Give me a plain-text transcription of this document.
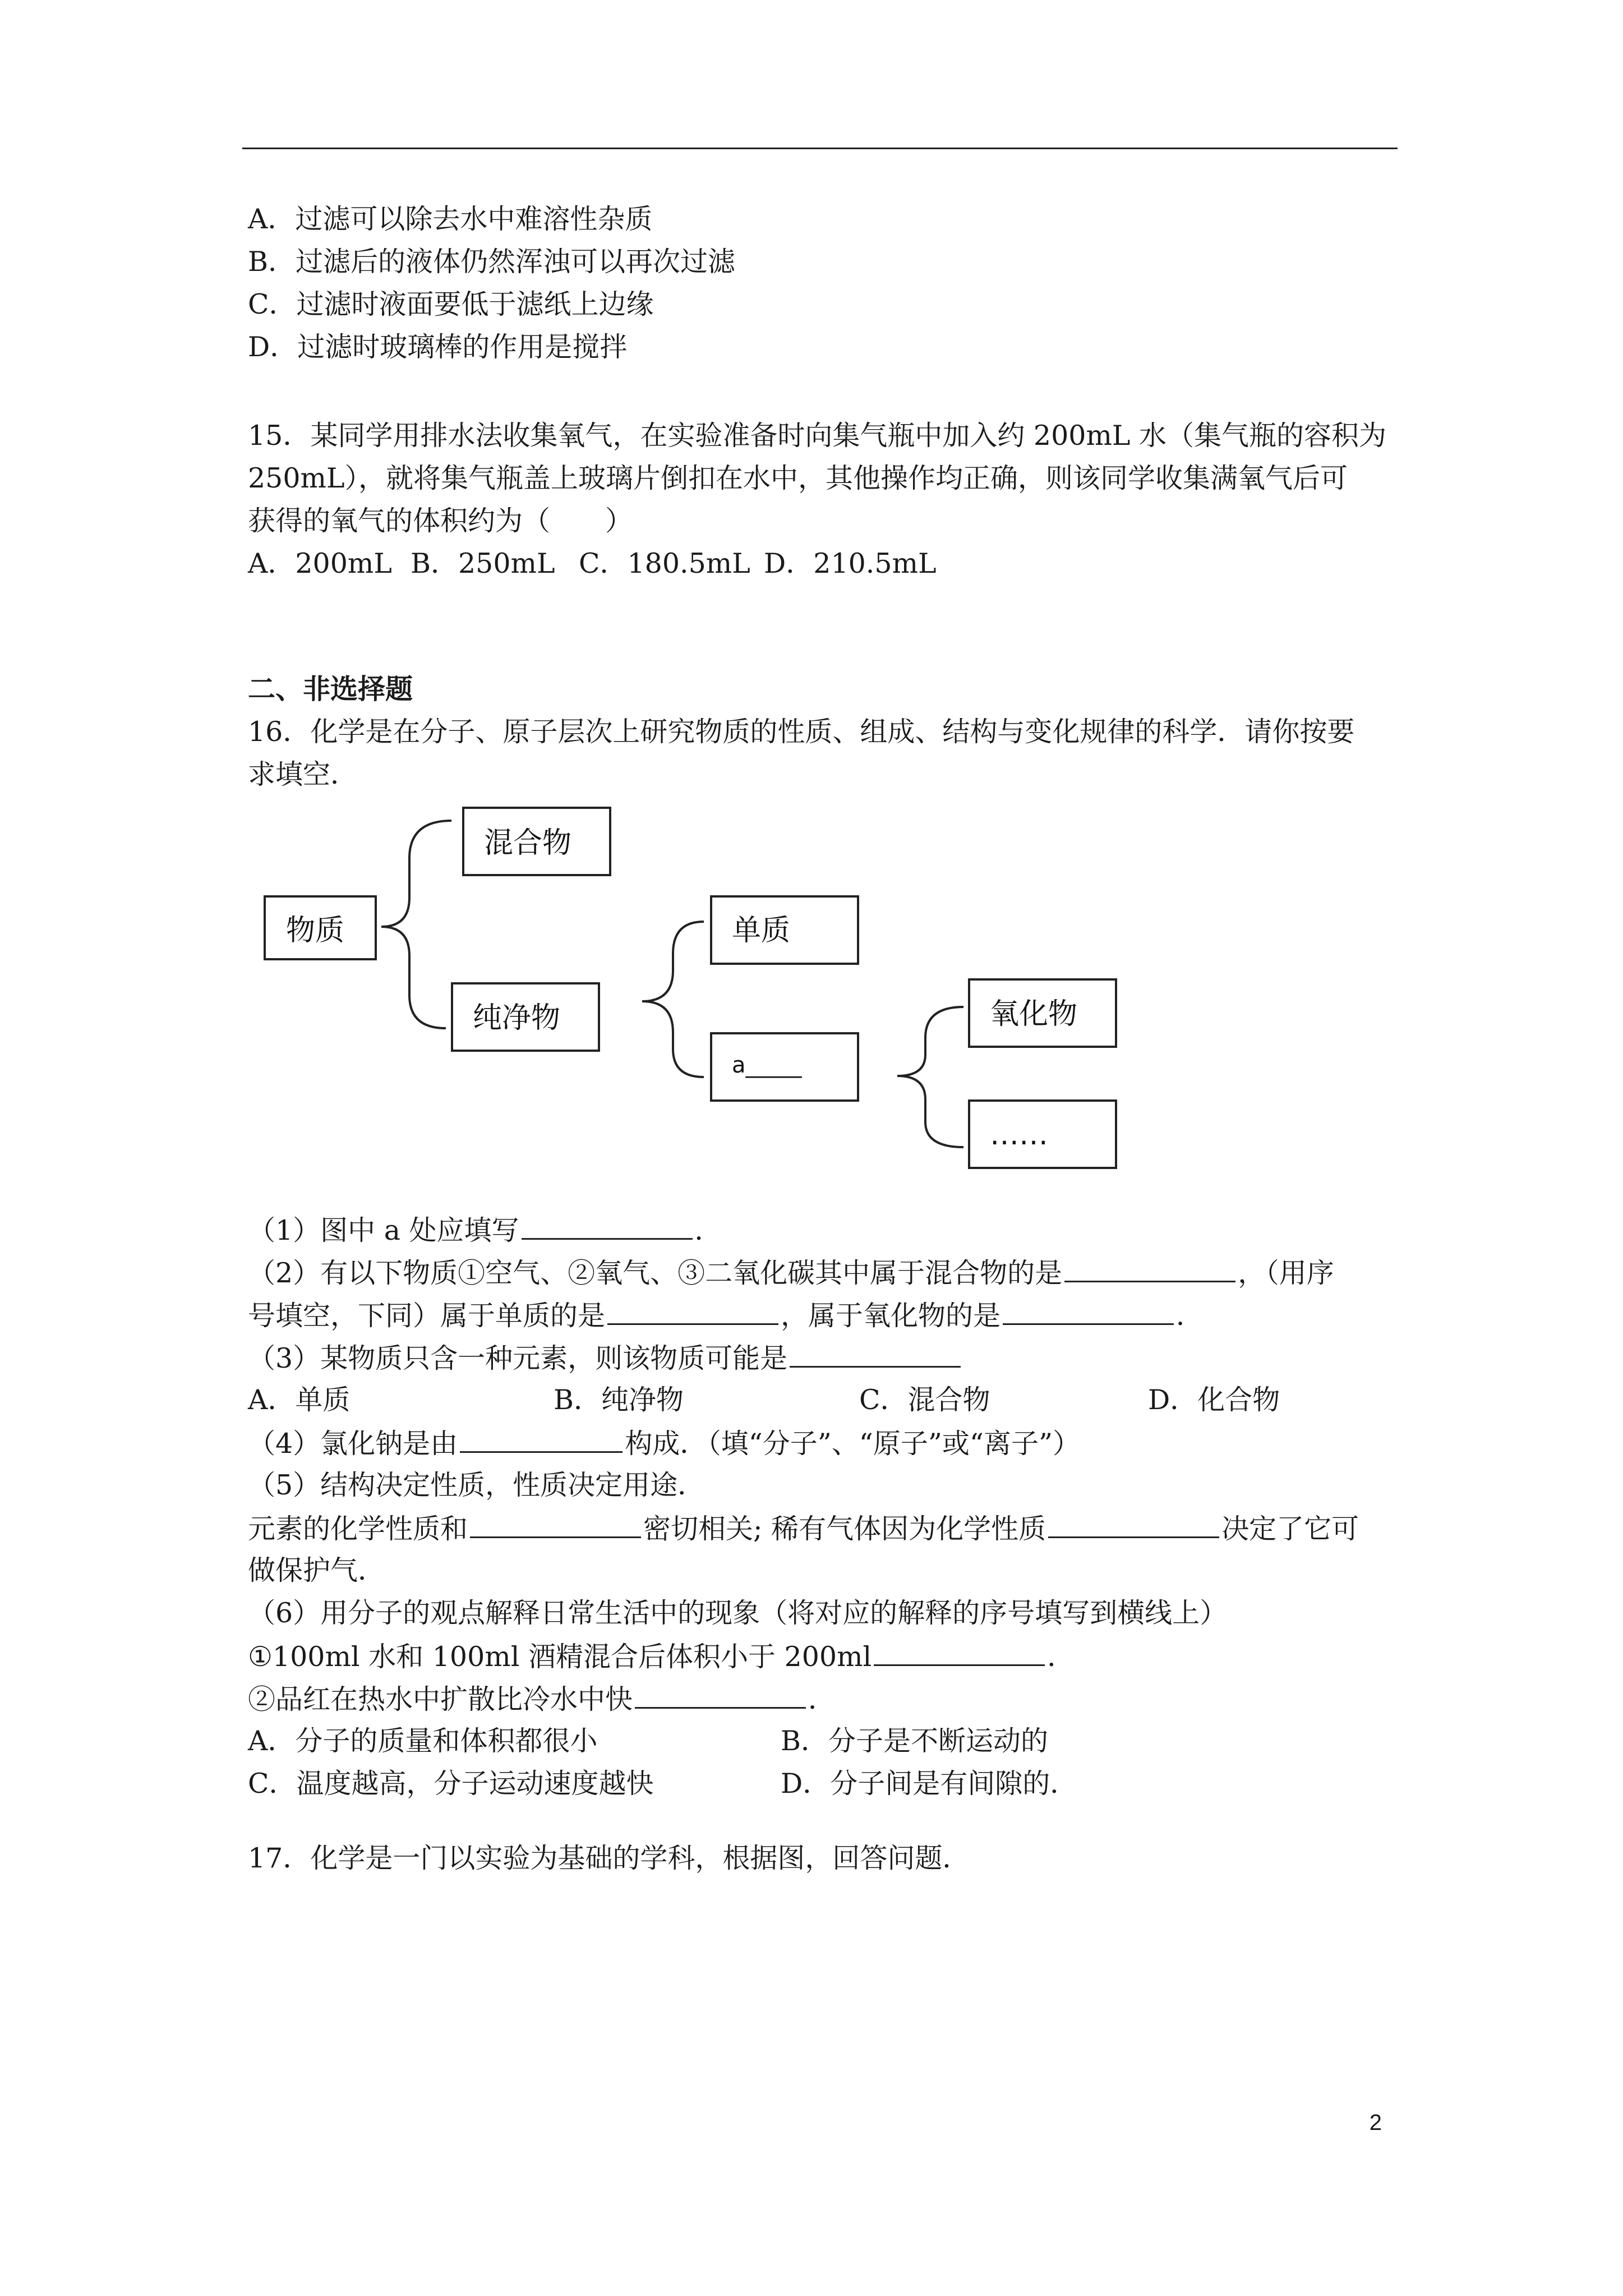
A．过滤可以除去水中难溶性杂质
B．过滤后的液体仍然浑浊可以再次过滤
C．过滤时液面要低于滤纸上边缘
D．过滤时玻璃棒的作用是搅拌
15．某同学用排水法收集氧气，在实验准备时向集气瓶中加入约 200mL 水（集气瓶的容积为
250mL），就将集气瓶盖上玻璃片倒扣在水中，其他操作均正确，则该同学收集满氧气后可
获得的氧气的体积约为（　　）
A．200mL B．250mL C．180.5mL D．210.5mL
二、非选择题
16．化学是在分子、原子层次上研究物质的性质、组成、结构与变化规律的科学．请你按要
求填空．
物质
混合物
纯净物
单质
a_____
氧化物
……
（1）图中 a 处应填写	．
（2）有以下物质①空气、②氧气、③二氧化碳其中属于混合物的是	，（用序
号填空，下同）属于单质的是	，属于氧化物的是	．
（3）某物质只含一种元素，则该物质可能是
A．单质	B．纯净物	C．混合物	D．化合物
（4）氯化钠是由	构成．（填“分子”、“原子”或“离子”）
（5）结构决定性质，性质决定用途．
元素的化学性质和	密切相关; 稀有气体因为化学性质	决定了它可
做保护气．
（6）用分子的观点解释日常生活中的现象（将对应的解释的序号填写到横线上）
①100ml 水和 100ml 酒精混合后体积小于 200ml	．
②品红在热水中扩散比冷水中快	．
A．分子的质量和体积都很小	B．分子是不断运动的
C．温度越高，分子运动速度越快	D．分子间是有间隙的．
17．化学是一门以实验为基础的学科，根据图，回答问题．
2
